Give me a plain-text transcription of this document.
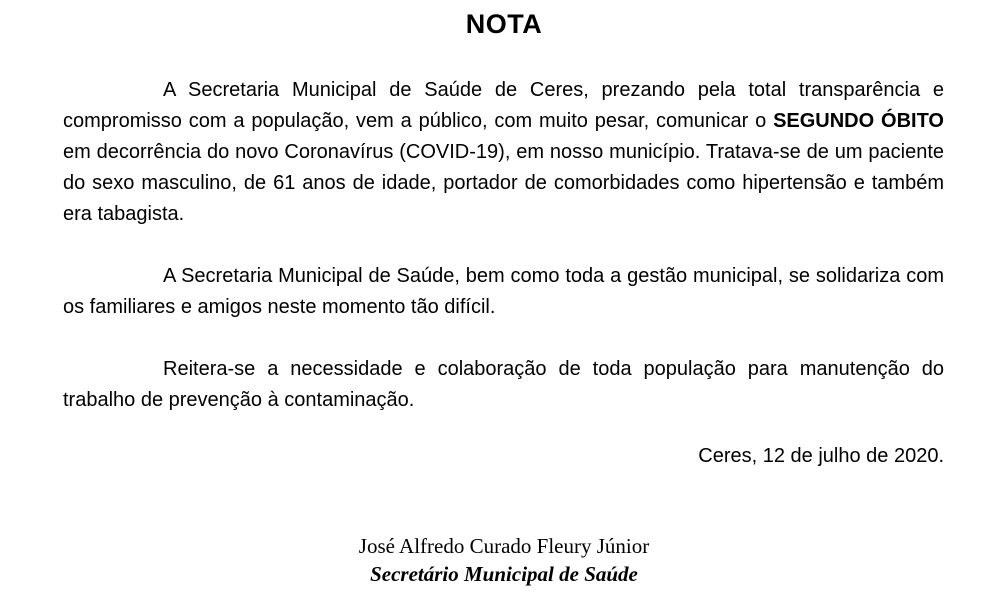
NOTA

A Secretaria Municipal de Saúde de Ceres, prezando pela total transparência e compromisso com a população, vem a público, com muito pesar, comunicar o SEGUNDO ÓBITO em decorrência do novo Coronavírus (COVID-19), em nosso município. Tratava-se de um paciente do sexo masculino, de 61 anos de idade, portador de comorbidades como hipertensão e também era tabagista.

A Secretaria Municipal de Saúde, bem como toda a gestão municipal, se solidariza com os familiares e amigos neste momento tão difícil.

Reitera-se a necessidade e colaboração de toda população para manutenção do trabalho de prevenção à contaminação.

Ceres, 12 de julho de 2020.
José Alfredo Curado Fleury Júnior
Secretário Municipal de Saúde
